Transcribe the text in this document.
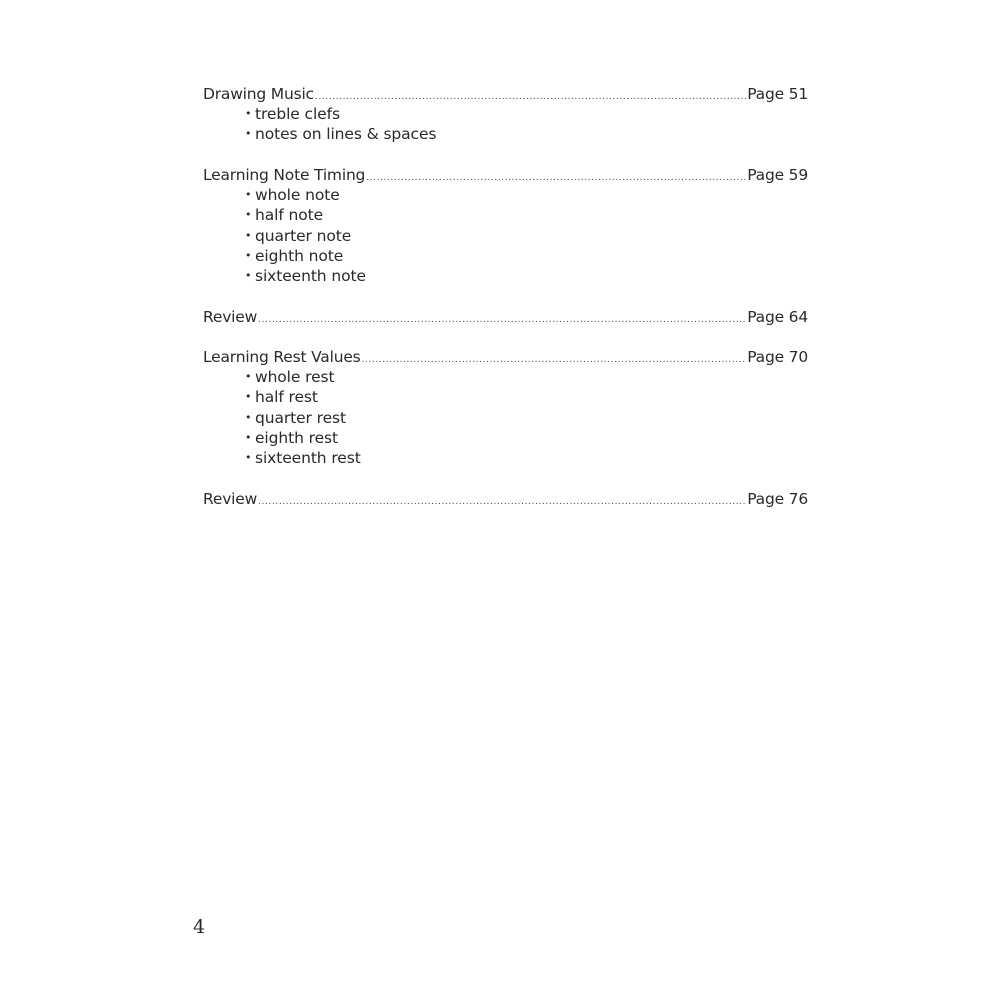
Drawing Music .....	Page 51
• treble clefs
• notes on lines & spaces
Learning Note Timing .....	Page 59
• whole note
• half note
• quarter note
• eighth note
• sixteenth note
Review .....	Page 64
Learning Rest Values .....	Page 70
• whole rest
• half rest
• quarter rest
• eighth rest
• sixteenth rest
Review .....	Page 76
4
